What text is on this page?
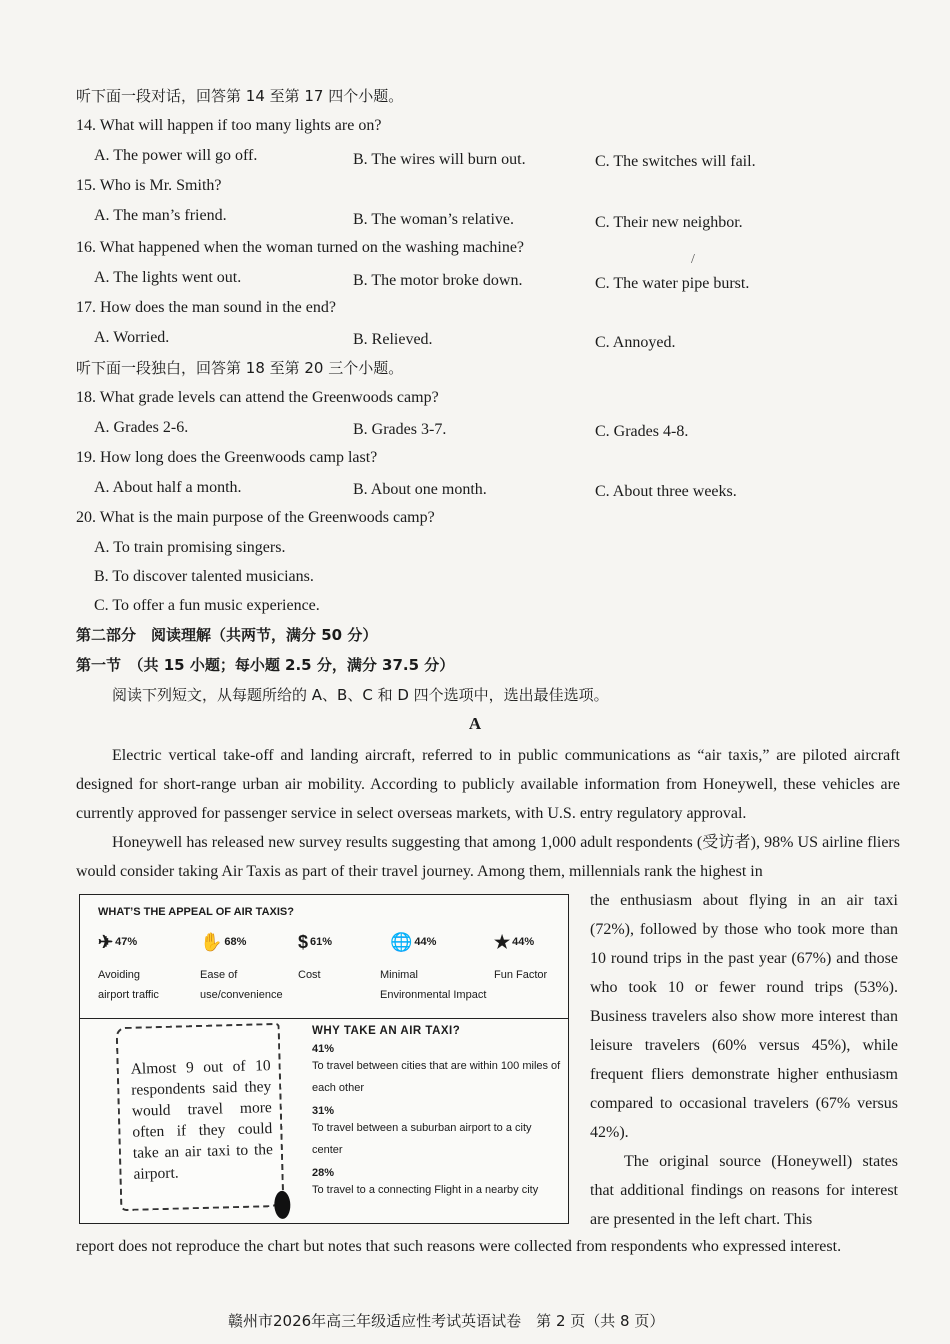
听下面一段对话，回答第 14 至第 17 四个小题。
14. What will happen if too many lights are on?
A. The power will go off.	B. The wires will burn out.	C. The switches will fail.
15. Who is Mr. Smith?
A. The man’s friend.	B. The woman’s relative.	C. Their new neighbor.
16. What happened when the woman turned on the washing machine?
/
A. The lights went out.	B. The motor broke down.	C. The water pipe burst.
17. How does the man sound in the end?
A. Worried.	B. Relieved.	C. Annoyed.
听下面一段独白，回答第 18 至第 20 三个小题。
18. What grade levels can attend the Greenwoods camp?
A. Grades 2-6.	B. Grades 3-7.	C. Grades 4-8.
19. How long does the Greenwoods camp last?
A. About half a month.	B. About one month.	C. About three weeks.
20. What is the main purpose of the Greenwoods camp?
A. To train promising singers.
B. To discover talented musicians.
C. To offer a fun music experience.
第二部分　阅读理解（共两节，满分 50 分）
第一节　（共 15 小题；每小题 2.5 分，满分 37.5 分）
阅读下列短文，从每题所给的 A、B、C 和 D 四个选项中，选出最佳选项。
A

Electric vertical take-off and landing aircraft, referred to in public communications as “air taxis,” are piloted aircraft designed for short-range urban air mobility. According to publicly available information from Honeywell, these vehicles are currently approved for passenger service in select overseas markets, with U.S. entry regulatory approval.

Honeywell has released new survey results suggesting that among 1,000 adult respondents (受访者), 98% US airline fliers would consider taking Air Taxis as part of their travel journey. Among them, millennials rank the highest in

WHAT’S THE APPEAL OF AIR TAXIS?
✈ 47%
Avoiding
airport traffic
✋ 68%
Ease of
use/convenience
$ 61%
Cost
🌐 44%
Minimal
Environmental Impact
★ 44%
Fun Factor

Almost 9 out of 10 respondents said they would travel more often if they could take an air taxi to the airport.

WHY TAKE AN AIR TAXI?
41%
To travel between cities that are within 100 miles of each other
31%
To travel between a suburban airport to a city center
28%
To travel to a connecting Flight in a nearby city

the enthusiasm about flying in an air taxi (72%), followed by those who took more than 10 round trips in the past year (67%) and those who took 10 or fewer round trips (53%). Business travelers also show more interest than leisure travelers (60% versus 45%), while frequent fliers demonstrate higher enthusiasm compared to occasional travelers (67% versus 42%).

The original source (Honeywell) states that additional findings on reasons for interest are presented in the left chart. This

report does not reproduce the chart but notes that such reasons were collected from respondents who expressed interest.

赣州市2026年高三年级适应性考试英语试卷　第 2 页（共 8 页）
